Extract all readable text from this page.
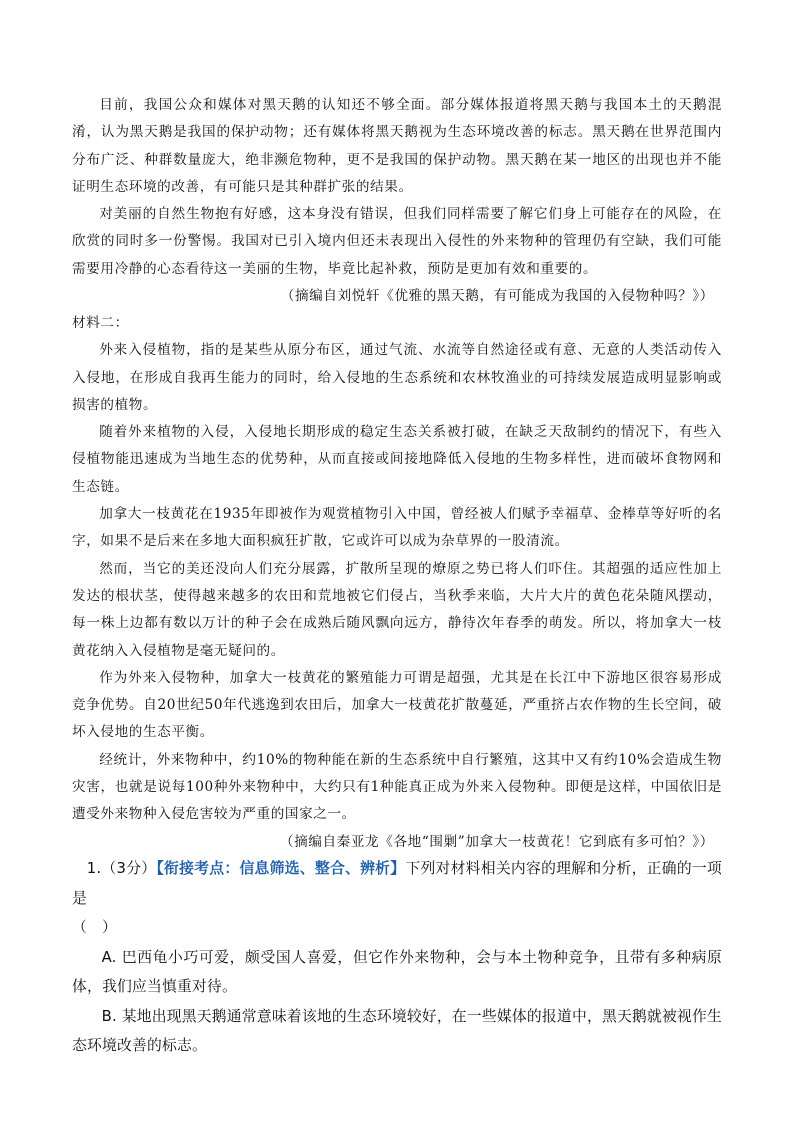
目前，我国公众和媒体对黑天鹅的认知还不够全面。部分媒体报道将黑天鹅与我国本土的天鹅混淆，认为黑天鹅是我国的保护动物；还有媒体将黑天鹅视为生态环境改善的标志。黑天鹅在世界范围内分布广泛、种群数量庞大，绝非濒危物种，更不是我国的保护动物。黑天鹅在某一地区的出现也并不能证明生态环境的改善，有可能只是其种群扩张的结果。

对美丽的自然生物抱有好感，这本身没有错误，但我们同样需要了解它们身上可能存在的风险，在欣赏的同时多一份警惕。我国对已引入境内但还未表现出入侵性的外来物种的管理仍有空缺，我们可能需要用冷静的心态看待这一美丽的生物，毕竟比起补救，预防是更加有效和重要的。

（摘编自刘悦轩《优雅的黑天鹅，有可能成为我国的入侵物种吗？》）

材料二：

外来入侵植物，指的是某些从原分布区，通过气流、水流等自然途径或有意、无意的人类活动传入入侵地，在形成自我再生能力的同时，给入侵地的生态系统和农林牧渔业的可持续发展造成明显影响或损害的植物。

随着外来植物的入侵，入侵地长期形成的稳定生态关系被打破，在缺乏天敌制约的情况下，有些入侵植物能迅速成为当地生态的优势种，从而直接或间接地降低入侵地的生物多样性，进而破坏食物网和生态链。

加拿大一枝黄花在1935年即被作为观赏植物引入中国，曾经被人们赋予幸福草、金棒草等好听的名字，如果不是后来在多地大面积疯狂扩散，它或许可以成为杂草界的一股清流。

然而，当它的美还没向人们充分展露，扩散所呈现的燎原之势已将人们吓住。其超强的适应性加上发达的根状茎，使得越来越多的农田和荒地被它们侵占，当秋季来临，大片大片的黄色花朵随风摆动，每一株上边都有数以万计的种子会在成熟后随风飘向远方，静待次年春季的萌发。所以，将加拿大一枝黄花纳入入侵植物是毫无疑问的。

作为外来入侵物种，加拿大一枝黄花的繁殖能力可谓是超强，尤其是在长江中下游地区很容易形成竞争优势。自20世纪50年代逃逸到农田后，加拿大一枝黄花扩散蔓延，严重挤占农作物的生长空间，破坏入侵地的生态平衡。

经统计，外来物种中，约10%的物种能在新的生态系统中自行繁殖，这其中又有约10%会造成生物灾害，也就是说每100种外来物种中，大约只有1种能真正成为外来入侵物种。即便是这样，中国依旧是遭受外来物种入侵危害较为严重的国家之一。

（摘编自秦亚龙《各地“围剿”加拿大一枝黄花！它到底有多可怕？》）

1.（3分）【衔接考点：信息筛选、整合、辨析】下列对材料相关内容的理解和分析，正确的一项是

（　）

A. 巴西龟小巧可爱，颇受国人喜爱，但它作外来物种，会与本土物种竞争，且带有多种病原体，我们应当慎重对待。

B. 某地出现黑天鹅通常意味着该地的生态环境较好，在一些媒体的报道中，黑天鹅就被视作生态环境改善的标志。
